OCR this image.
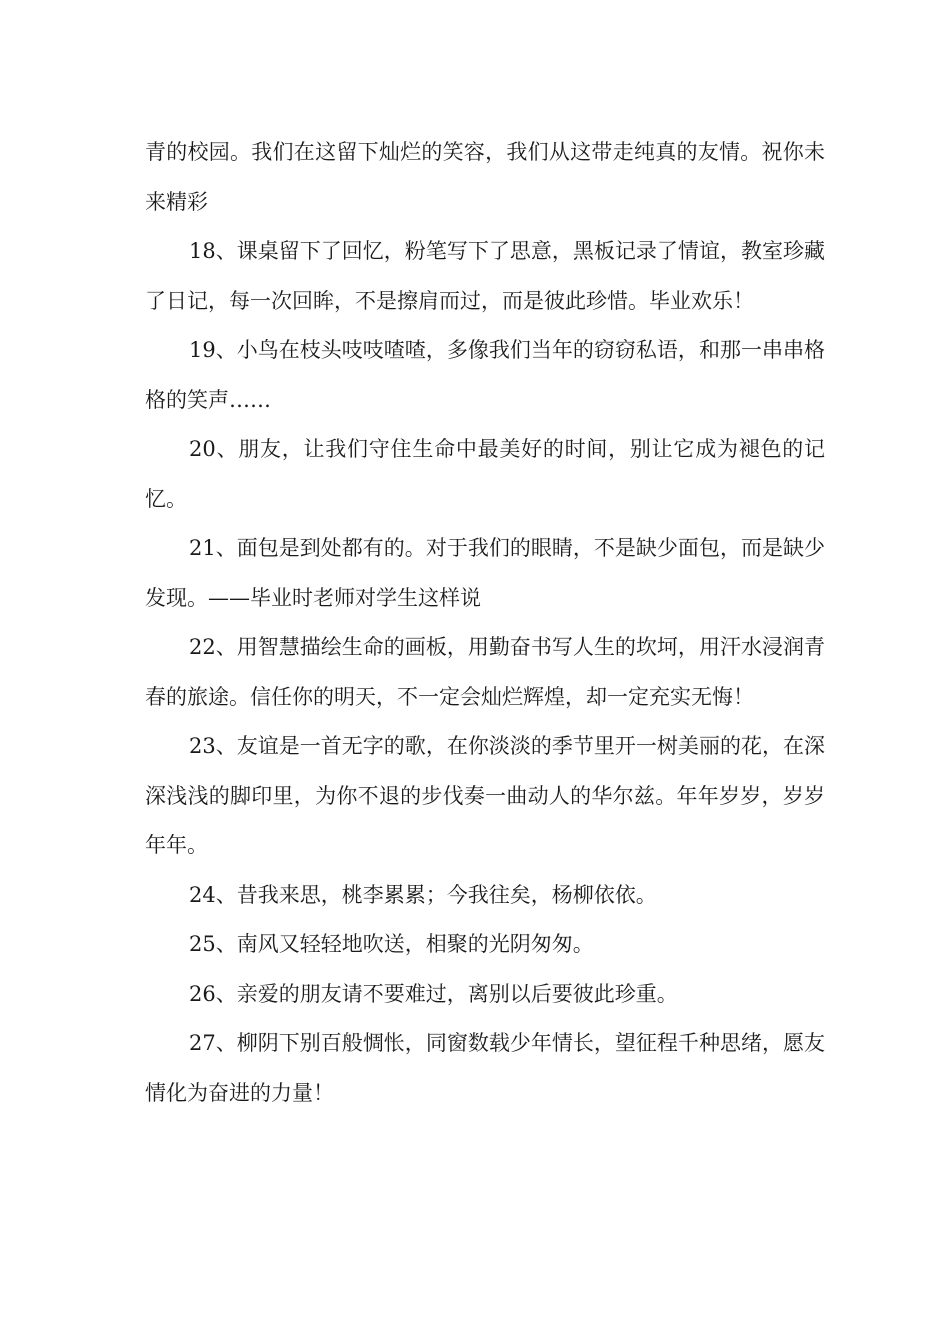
青的校园。我们在这留下灿烂的笑容，我们从这带走纯真的友情。祝你未来精彩

18、课桌留下了回忆，粉笔写下了思意，黑板记录了情谊，教室珍藏了日记，每一次回眸，不是擦肩而过，而是彼此珍惜。毕业欢乐！

19、小鸟在枝头吱吱喳喳，多像我们当年的窃窃私语，和那一串串格格的笑声……

20、朋友，让我们守住生命中最美好的时间，别让它成为褪色的记忆。

21、面包是到处都有的。对于我们的眼睛，不是缺少面包，而是缺少发现。——毕业时老师对学生这样说

22、用智慧描绘生命的画板，用勤奋书写人生的坎坷，用汗水浸润青春的旅途。信任你的明天，不一定会灿烂辉煌，却一定充实无悔！

23、友谊是一首无字的歌，在你淡淡的季节里开一树美丽的花，在深深浅浅的脚印里，为你不退的步伐奏一曲动人的华尔兹。年年岁岁，岁岁年年。

24、昔我来思，桃李累累；今我往矣，杨柳依依。

25、南风又轻轻地吹送，相聚的光阴匆匆。

26、亲爱的朋友请不要难过，离别以后要彼此珍重。

27、柳阴下别百般惆怅，同窗数载少年情长，望征程千种思绪，愿友情化为奋进的力量！
